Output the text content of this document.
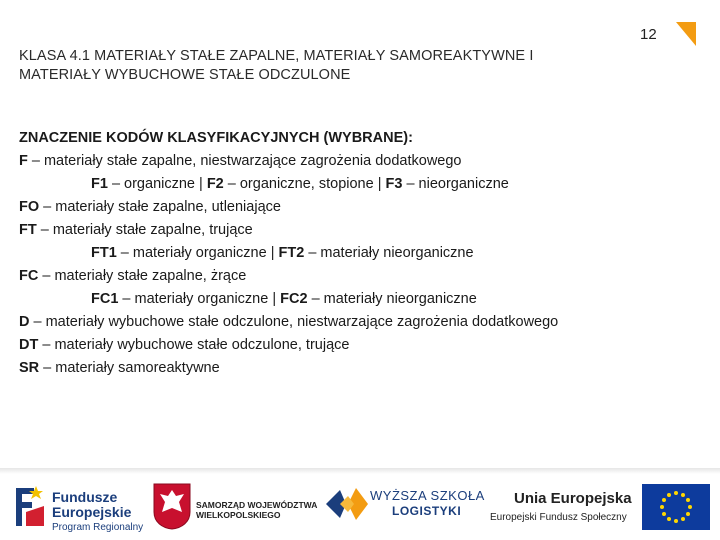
12
KLASA 4.1 MATERIAŁY STAŁE ZAPALNE, MATERIAŁY SAMOREAKTYWNE I
MATERIAŁY WYBUCHOWE STAŁE ODCZULONE
ZNACZENIE KODÓW KLASYFIKACYJNYCH (WYBRANE):
F – materiały stałe zapalne, niestwarzające zagrożenia dodatkowego
F1 – organiczne | F2 – organiczne, stopione | F3 – nieorganiczne
FO – materiały stałe zapalne, utleniające
FT – materiały stałe zapalne, trujące
FT1 – materiały organiczne | FT2 – materiały nieorganiczne
FC – materiały stałe zapalne, żrące
FC1 – materiały organiczne | FC2 – materiały nieorganiczne
D – materiały wybuchowe stałe odczulone, niestwarzające zagrożenia dodatkowego
DT – materiały wybuchowe stałe odczulone, trujące
SR – materiały samoreaktywne
Fundusze
Europejskie
Program Regionalny
SAMORZĄD WOJEWÓDZTWA
WIELKOPOLSKIEGO
WYŻSZA SZKOŁA
LOGISTYKI
Unia Europejska
Europejski Fundusz Społeczny
